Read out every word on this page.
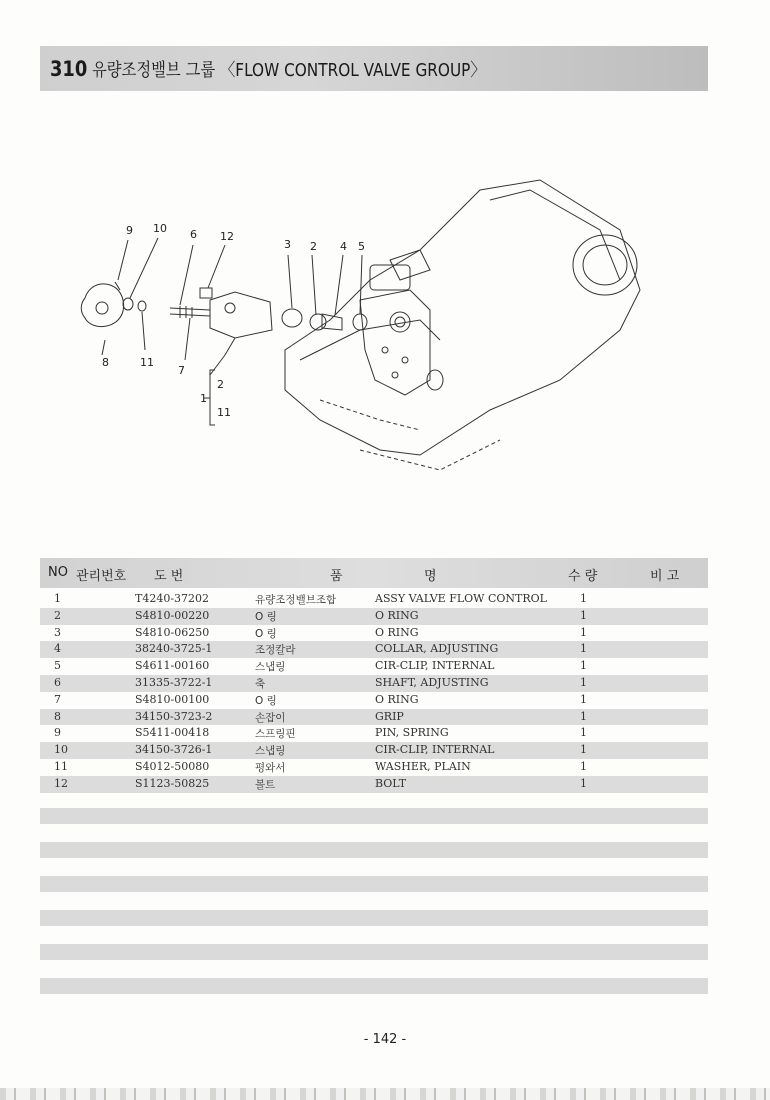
310 유량조정밸브 그룹 〈FLOW CONTROL VALVE GROUP〉
9 10 6 12
3 2 4 5
8	11
7
2
1
11
NO 관리번호 도 번	품	명	수 량	비 고
1	T4240-37202	유량조정밸브조합	ASSY VALVE FLOW CONTROL	1
2	S4810-00220	O 링	O RING	1
3	S4810-06250	O 링	O RING	1
4	38240-3725-1	조정칼라	COLLAR, ADJUSTING	1
5	S4611-00160	스냅링	CIR-CLIP, INTERNAL	1
6	31335-3722-1	축	SHAFT, ADJUSTING	1
7	S4810-00100	O 링	O RING	1
8	34150-3723-2	손잡이	GRIP	1
9	S5411-00418	스프링핀	PIN, SPRING	1
10	34150-3726-1	스냅링	CIR-CLIP, INTERNAL	1
11	S4012-50080	평와서	WASHER, PLAIN	1
12	S1123-50825	볼트	BOLT	1
- 142 -
